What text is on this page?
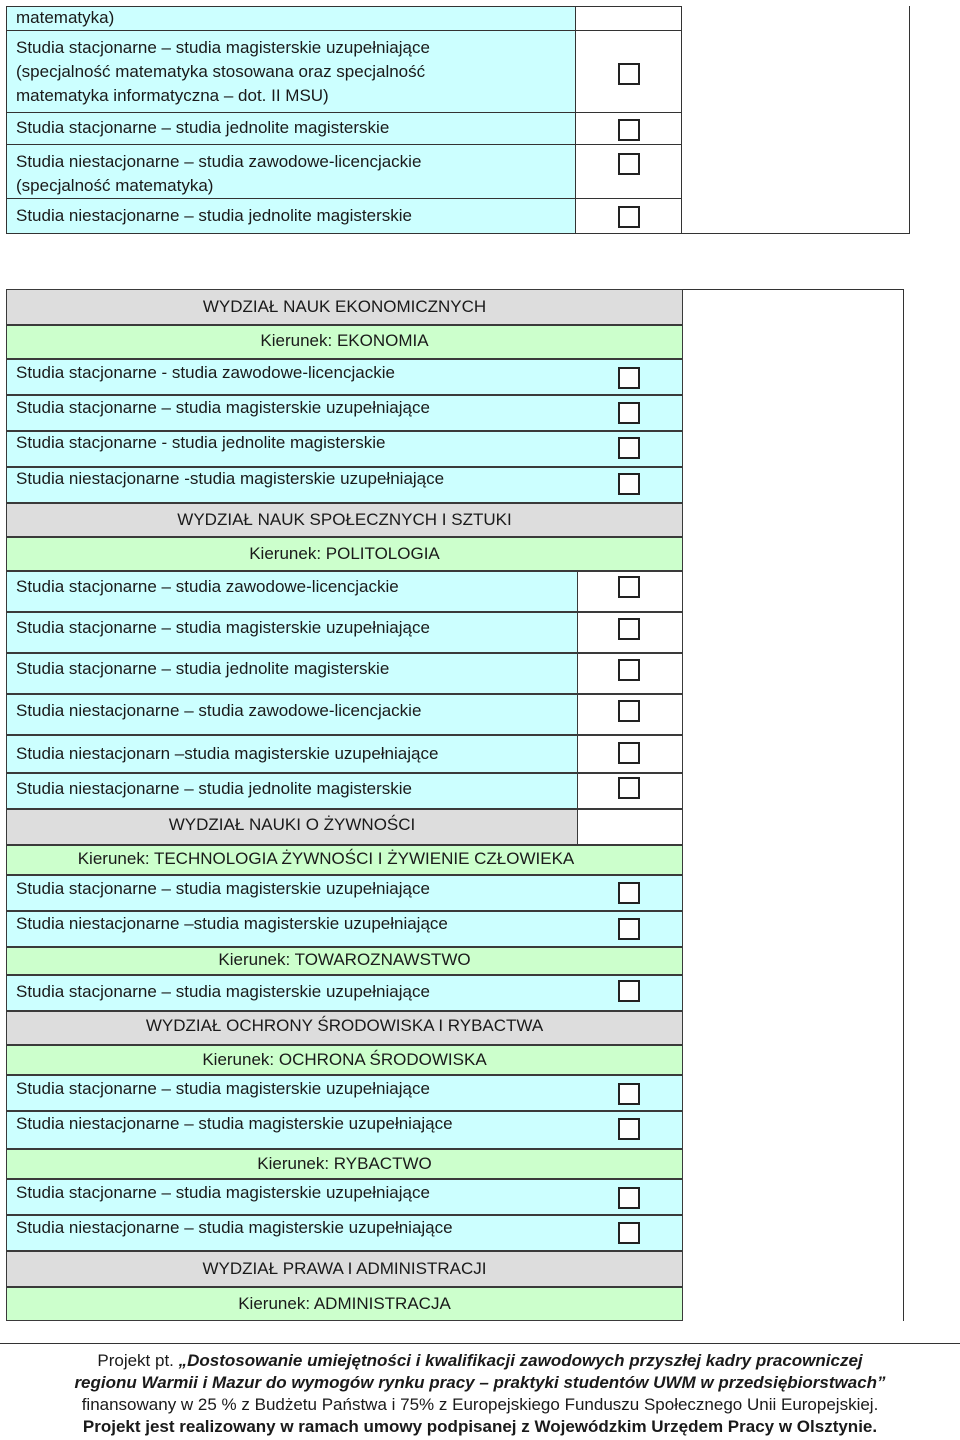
matematyka)
Studia stacjonarne – studia magisterskie uzupełniające
(specjalność matematyka stosowana oraz specjalność
matematyka informatyczna – dot. II MSU)
Studia stacjonarne – studia jednolite magisterskie
Studia niestacjonarne – studia zawodowe-licencjackie
(specjalność matematyka)
Studia niestacjonarne – studia jednolite magisterskie
WYDZIAŁ NAUK EKONOMICZNYCH
Kierunek: EKONOMIA
Studia stacjonarne - studia zawodowe-licencjackie
Studia stacjonarne – studia magisterskie uzupełniające
Studia stacjonarne - studia jednolite magisterskie
Studia niestacjonarne -studia magisterskie uzupełniające
WYDZIAŁ NAUK SPOŁECZNYCH I SZTUKI
Kierunek: POLITOLOGIA
Studia stacjonarne – studia zawodowe-licencjackie
Studia stacjonarne – studia magisterskie uzupełniające
Studia stacjonarne – studia jednolite magisterskie
Studia niestacjonarne – studia zawodowe-licencjackie
Studia niestacjonarn –studia magisterskie uzupełniające
Studia niestacjonarne – studia jednolite magisterskie
WYDZIAŁ NAUKI O ŻYWNOŚCI
Kierunek: TECHNOLOGIA ŻYWNOŚCI I ŻYWIENIE CZŁOWIEKA
Studia stacjonarne – studia magisterskie uzupełniające
Studia niestacjonarne –studia magisterskie uzupełniające
Kierunek: TOWAROZNAWSTWO
Studia stacjonarne – studia magisterskie uzupełniające
WYDZIAŁ OCHRONY ŚRODOWISKA I RYBACTWA
Kierunek: OCHRONA ŚRODOWISKA
Studia stacjonarne – studia magisterskie uzupełniające
Studia niestacjonarne – studia magisterskie uzupełniające
Kierunek: RYBACTWO
Studia stacjonarne – studia magisterskie uzupełniające
Studia niestacjonarne – studia magisterskie uzupełniające
WYDZIAŁ PRAWA I ADMINISTRACJI
Kierunek: ADMINISTRACJA
Projekt pt. „Dostosowanie umiejętności i kwalifikacji zawodowych przyszłej kadry pracowniczej
regionu Warmii i Mazur do wymogów rynku pracy – praktyki studentów UWM w przedsiębiorstwach”
finansowany w 25 % z Budżetu Państwa i 75% z Europejskiego Funduszu Społecznego Unii Europejskiej.
Projekt jest realizowany w ramach umowy podpisanej z Wojewódzkim Urzędem Pracy w Olsztynie.
